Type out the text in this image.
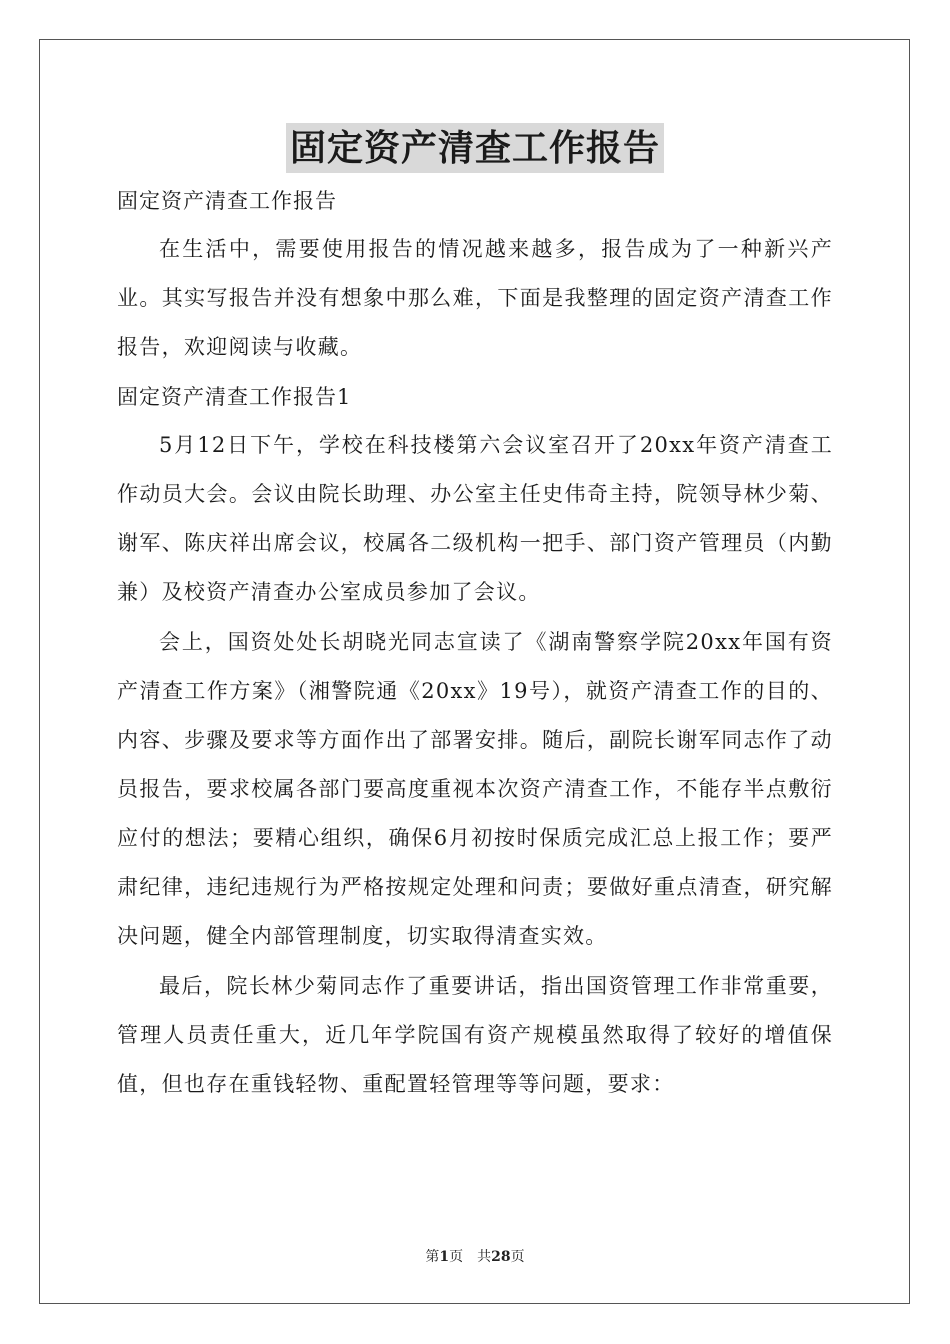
固定资产清查工作报告

固定资产清查工作报告

在生活中，需要使用报告的情况越来越多，报告成为了一种新兴产业。其实写报告并没有想象中那么难，下面是我整理的固定资产清查工作报告，欢迎阅读与收藏。

固定资产清查工作报告1

5月12日下午，学校在科技楼第六会议室召开了20xx年资产清查工作动员大会。会议由院长助理、办公室主任史伟奇主持，院领导林少菊、谢军、陈庆祥出席会议，校属各二级机构一把手、部门资产管理员（内勤兼）及校资产清查办公室成员参加了会议。

会上，国资处处长胡晓光同志宣读了《湖南警察学院20xx年国有资产清查工作方案》（湘警院通《20xx》19号），就资产清查工作的目的、内容、步骤及要求等方面作出了部署安排。随后，副院长谢军同志作了动员报告，要求校属各部门要高度重视本次资产清查工作，不能存半点敷衍应付的想法；要精心组织，确保6月初按时保质完成汇总上报工作；要严肃纪律，违纪违规行为严格按规定处理和问责；要做好重点清查，研究解决问题，健全内部管理制度，切实取得清查实效。

最后，院长林少菊同志作了重要讲话，指出国资管理工作非常重要，管理人员责任重大，近几年学院国有资产规模虽然取得了较好的增值保值，但也存在重钱轻物、重配置轻管理等等问题，要求：

第1页　共28页
